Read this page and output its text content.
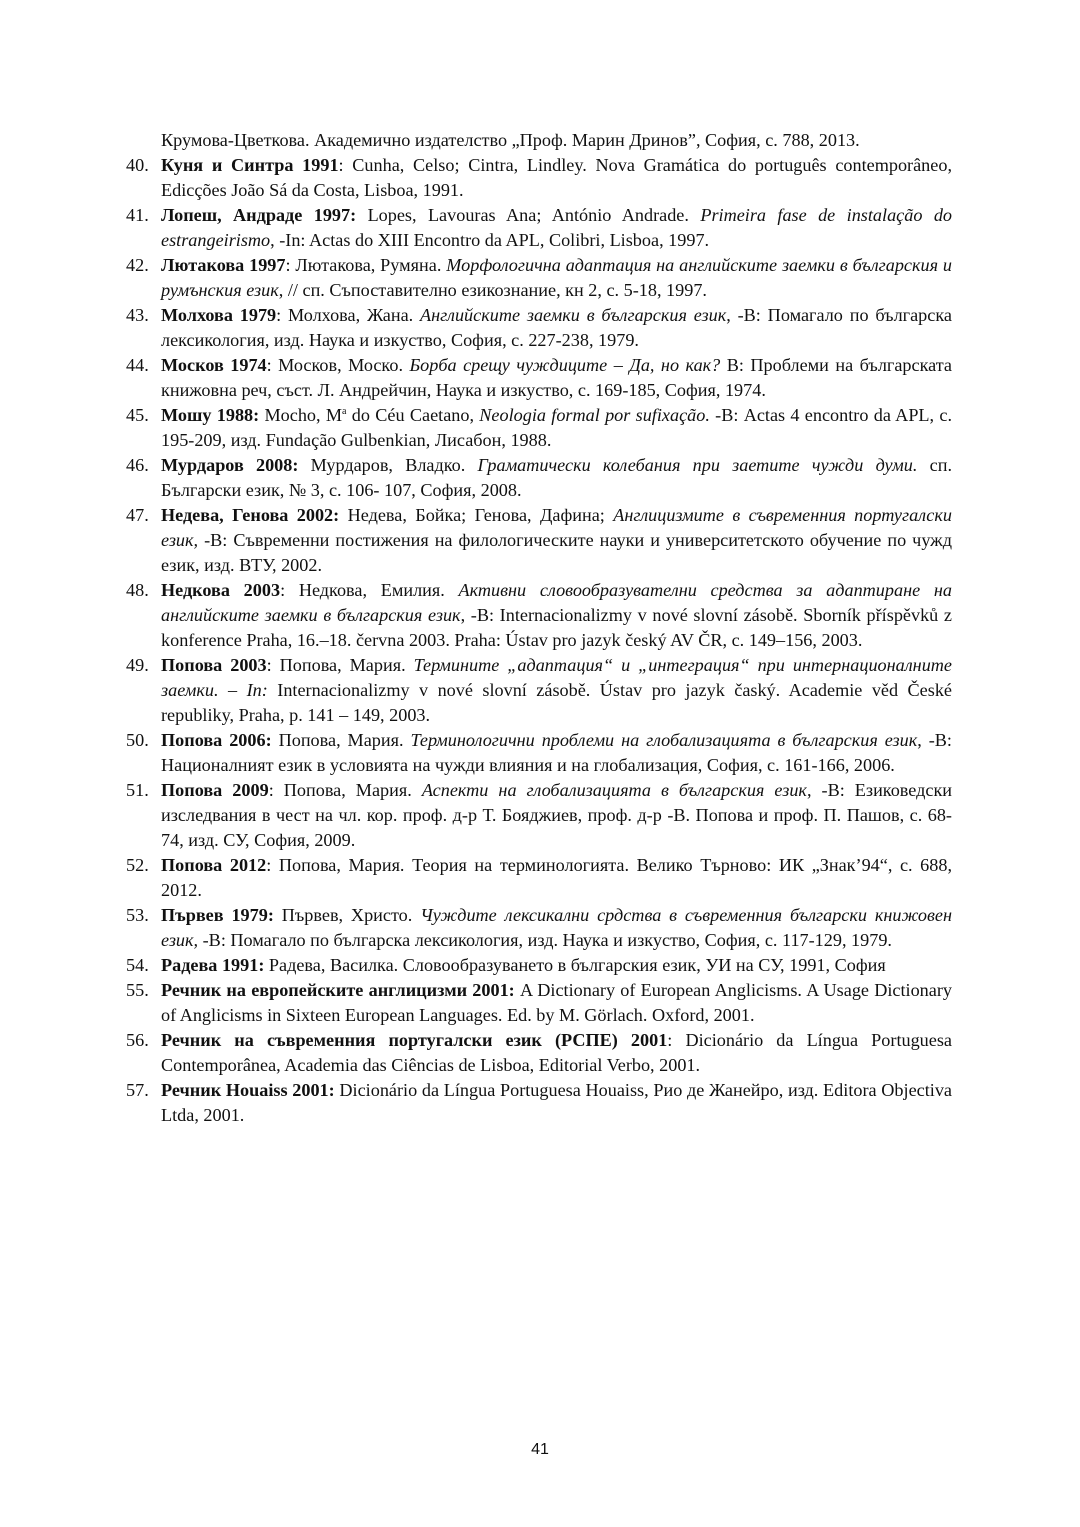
Крумова-Цветкова. Академично издателство „Проф. Марин Дринов”, София, с. 788, 2013.

40. Куня и Синтра 1991: Cunha, Celso; Cintra, Lindley. Nova Gramática do português contemporâneo, Edicções João Sá da Costa, Lisboa, 1991.

41. Лопеш, Андраде 1997: Lopes, Lavouras Ana; António Andrade. Primeira fase de instalação do estrangeirismo, -In: Actas do XIII Encontro da APL, Colibri, Lisboa, 1997.

42. Лютакова 1997: Лютакова, Румяна. Морфологична адаптация на английските заемки в българския и румънския език, // сп. Съпоставително езикознание, кн 2, с. 5-18, 1997.

43. Молхова 1979: Молхова, Жана. Английските заемки в българския език, -В: Помагало по българска лексикология, изд. Наука и изкуство, София, с. 227-238, 1979.

44. Москов 1974: Москов, Моско. Борба срещу чуждиците – Да, но как? В: Проблеми на българската книжовна реч, съст. Л. Андрейчин, Наука и изкуство, с. 169-185, София, 1974.

45. Мошу 1988: Mocho, $M^a$ do Céu Caetano, Neologia formal por sufixação. -В: Actas 4 encontro da APL, с. 195-209, изд. Fundação Gulbenkian, Лисабон, 1988.

46. Мурдаров 2008: Мурдаров, Владко. Граматически колебания при заетите чужди думи. сп. Български език, № 3, с. 106- 107, София, 2008.

47. Недева, Генова 2002: Недева, Бойка; Генова, Дафина; Англицизмите в съвременния португалски език, -В: Съвременни постижения на филологическите науки и университетското обучение по чужд език, изд. ВТУ, 2002.

48. Недкова 2003: Недкова, Емилия. Активни словообразувателни средства за адаптиране на английските заемки в българския език, -В: Internacionalizmy v nové slovní zásobě. Sborník příspěvků z konference Praha, 16.–18. června 2003. Praha: Ústav pro jazyk český AV ČR, с. 149–156, 2003.

49. Попова 2003: Попова, Мария. Термините „адаптация“ и „интеграция“ при интернационалните заемки. – In: Internacionalizmy v nové slovní zásobě. Ústav pro jazyk časký. Academie věd České republiky, Praha, p. 141 – 149, 2003.

50. Попова 2006: Попова, Мария. Терминологични проблеми на глобализацията в българския език, -В: Националният език в условията на чужди влияния и на глобализация, София, с. 161-166, 2006.

51. Попова 2009: Попова, Мария. Аспекти на глобализацията в българския език, -В: Езиковедски изследвания в чест на чл. кор. проф. д-р Т. Бояджиев, проф. д-р -В. Попова и проф. П. Пашов, с. 68-74, изд. СУ, София, 2009.

52. Попова 2012: Попова, Мария. Теория на терминологията. Велико Търново: ИК „Знак’94“, с. 688, 2012.

53. Първев 1979: Първев, Христо. Чуждите лексикални срдства в съвременния български книжовен език, -В: Помагало по българска лексикология, изд. Наука и изкуство, София, с. 117-129, 1979.

54. Радева 1991: Радева, Василка. Словообразуването в българския език, УИ на СУ, 1991, София

55. Речник на европейските англицизми 2001: A Dictionary of European Anglicisms. A Usage Dictionary of Anglicisms in Sixteen European Languages. Ed. by M. Görlach. Oxford, 2001.

56. Речник на съвременния португалски език (РСПЕ) 2001: Dicionário da Língua Portuguesa Contemporânea, Academia das Ciências de Lisboa, Editorial Verbo, 2001.

57. Речник Houaiss 2001: Dicionário da Língua Portuguesa Houaiss, Рио де Жанейро, изд. Editora Objectiva Ltda, 2001.

41
